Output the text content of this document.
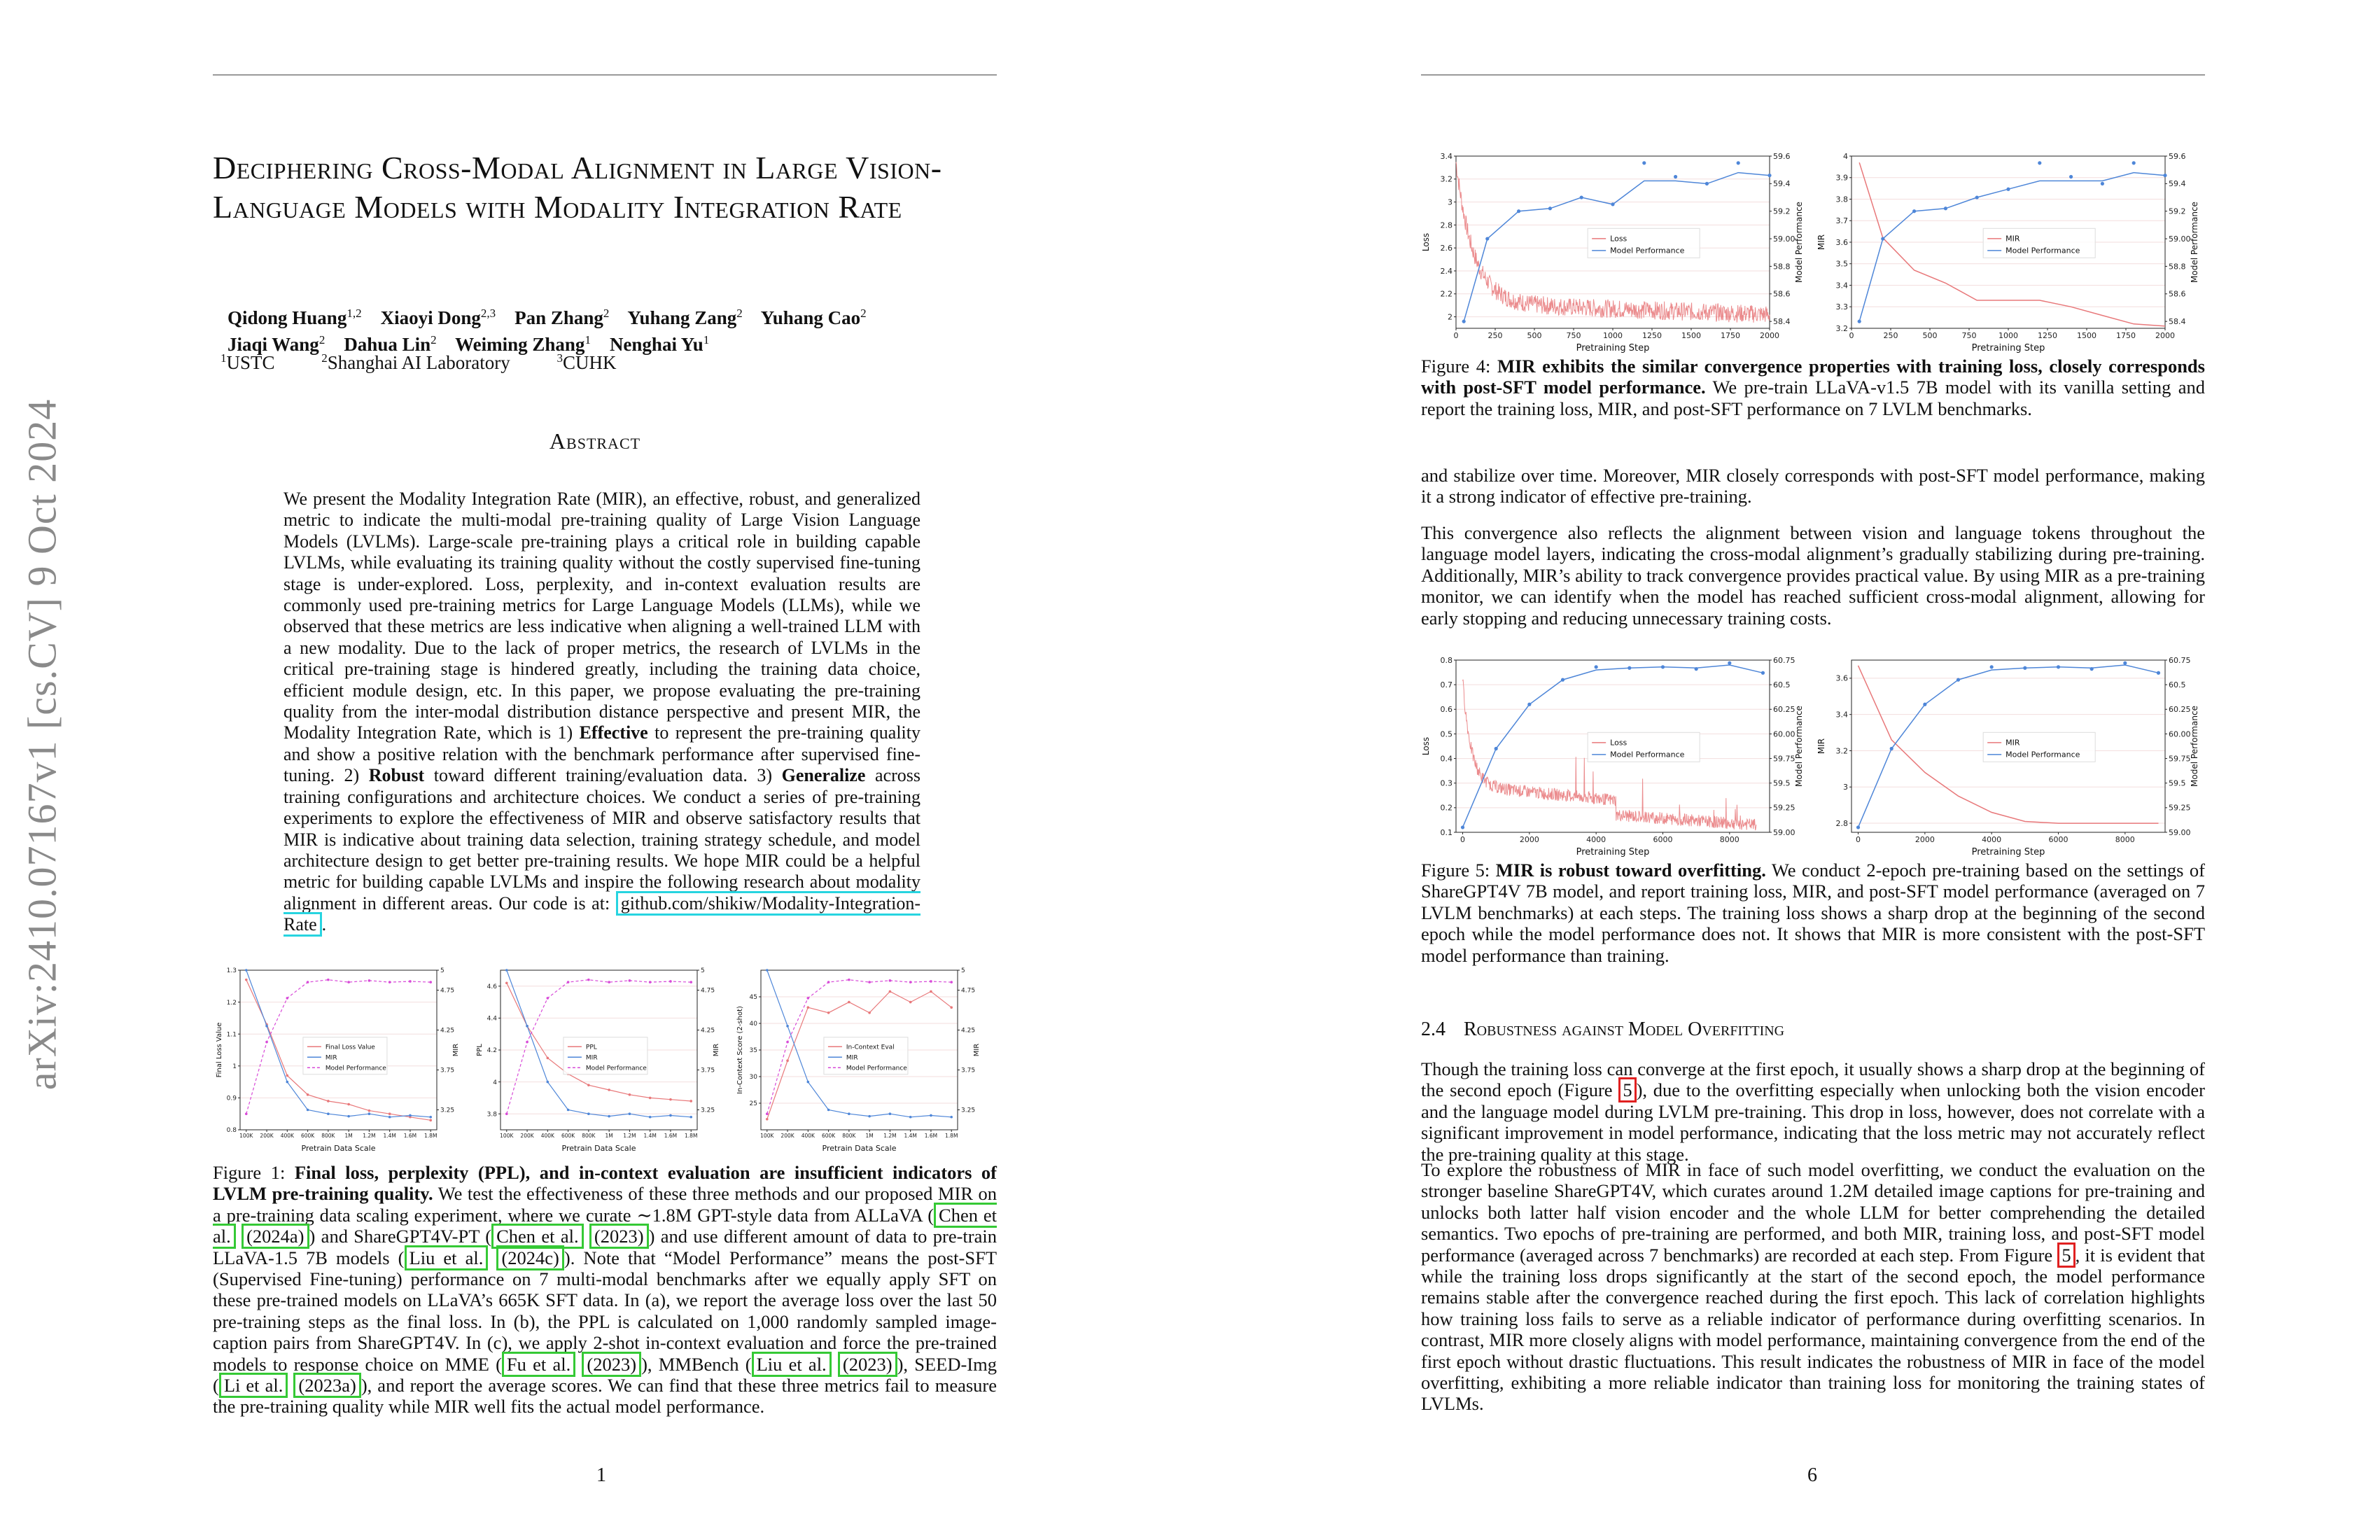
arXiv:2410.07167v1 [cs.CV] 9 Oct 2024
Deciphering Cross-Modal Alignment in Large Vision-Language Models with Modality Integration Rate
Qidong Huang$^{1,2}$ Xiaoyi Dong$^{2,3}$ Pan Zhang$^2$ Yuhang Zang$^2$ Yuhang Cao$^2$
Jiaqi Wang$^2$ Dahua Lin$^2$ Weiming Zhang$^1$ Nenghai Yu$^1$
$^1$USTC	$^2$Shanghai AI Laboratory	$^3$CUHK
Abstract
We present the Modality Integration Rate (MIR), an effective, robust, and generalized metric to indicate the multi-modal pre-training quality of Large Vision Language Models (LVLMs). Large-scale pre-training plays a critical role in building capable LVLMs, while evaluating its training quality without the costly supervised fine-tuning stage is under-explored. Loss, perplexity, and in-context evaluation results are commonly used pre-training metrics for Large Language Models (LLMs), while we observed that these metrics are less indicative when aligning a well-trained LLM with a new modality. Due to the lack of proper metrics, the research of LVLMs in the critical pre-training stage is hindered greatly, including the training data choice, efficient module design, etc. In this paper, we propose evaluating the pre-training quality from the inter-modal distribution distance perspective and present MIR, the Modality Integration Rate, which is 1) Effective to represent the pre-training quality and show a positive relation with the benchmark performance after supervised fine-tuning. 2) Robust toward different training/evaluation data. 3) Generalize across training configurations and architecture choices. We conduct a series of pre-training experiments to explore the effectiveness of MIR and observe satisfactory results that MIR is indicative about training data selection, training strategy schedule, and model architecture design to get better pre-training results. We hope MIR could be a helpful metric for building capable LVLMs and inspire the following research about modality alignment in different areas. Our code is at: github.com/shikiw/Modality-Integration-Rate .
0.8
0.9
1
1.1
1.2
1.3
3.25
3.75
4.25
4.75
5
100K 200K 400K 600K 800K 1M 1.2M 1.4M 1.6M 1.8M
Pretrain Data Scale
Final Loss Value	MIR
Final Loss Value
MIR
Model Performance
3.8
4
4.2
4.4
4.6
3.25
3.75
4.25
4.75
5
100K 200K 400K 600K 800K 1M 1.2M 1.4M 1.6M 1.8M
Pretrain Data Scale
PPL	MIR
PPL
MIR
Model Performance
25
30
35
40
45
3.25
3.75
4.25
4.75
5
100K 200K 400K 600K 800K 1M 1.2M 1.4M 1.6M 1.8M
Pretrain Data Scale
In-Context Score (2-shot)	MIR
In-Context Eval
MIR
Model Performance
Figure 1: Final loss, perplexity (PPL), and in-context evaluation are insufficient indicators of LVLM pre-training quality. We test the effectiveness of these three methods and our proposed MIR on a pre-training data scaling experiment, where we curate ∼1.8M GPT-style data from ALLaVA ( Chen et al. (2024a) ) and ShareGPT4V-PT ( Chen et al. (2023) ) and use different amount of data to pre-train LLaVA-1.5 7B models ( Liu et al. (2024c) ). Note that “Model Performance” means the post-SFT (Supervised Fine-tuning) performance on 7 multi-modal benchmarks after we equally apply SFT on these pre-trained models on LLaVA’s 665K SFT data. In (a), we report the average loss over the last 50 pre-training steps as the final loss. In (b), the PPL is calculated on 1,000 randomly sampled image-caption pairs from ShareGPT4V. In (c), we apply 2-shot in-context evaluation and force the pre-trained models to response choice on MME ( Fu et al. (2023) ), MMBench ( Liu et al. (2023) ), SEED-Img ( Li et al. (2023a) ), and report the average scores. We can find that these three metrics fail to measure the pre-training quality while MIR well fits the actual model performance.
1
2
2.2
2.4
2.6
2.8
3
3.2
3.4
58.4
58.6
58.8
59.00
59.2
59.4
59.6
0	250	500	750	1000	1250	1500	1750	2000
Pretraining Step
Loss	Model Performance
Loss
Model Performance
3.2
3.3
3.4
3.5
3.6
3.7
3.8
3.9
4
58.4
58.6
58.8
59.00
59.2
59.4
59.6
0	250	500	750	1000	1250	1500	1750	2000
Pretraining Step
MIR	Model Performance
MIR
Model Performance
Figure 4: MIR exhibits the similar convergence properties with training loss, closely corresponds with post-SFT model performance. We pre-train LLaVA-v1.5 7B model with its vanilla setting and report the training loss, MIR, and post-SFT performance on 7 LVLM benchmarks.
and stabilize over time. Moreover, MIR closely corresponds with post-SFT model performance, making it a strong indicator of effective pre-training.
This convergence also reflects the alignment between vision and language tokens throughout the language model layers, indicating the cross-modal alignment’s gradually stabilizing during pre-training. Additionally, MIR’s ability to track convergence provides practical value. By using MIR as a pre-training monitor, we can identify when the model has reached sufficient cross-modal alignment, allowing for early stopping and reducing unnecessary training costs.
0.1
0.2
0.3
0.4
0.5
0.6
0.7
0.8
59.00
59.25
59.5
59.75
60.00
60.25
60.5
60.75
0	2000	4000	6000	8000
Pretraining Step
Loss	Model Performance
Loss
Model Performance
2.8
3
3.2
3.4
3.6
59.00
59.25
59.5
59.75
60.00
60.25
60.5
60.75
0	2000	4000	6000	8000
Pretraining Step
MIR	Model Performance
MIR
Model Performance
Figure 5: MIR is robust toward overfitting. We conduct 2-epoch pre-training based on the settings of ShareGPT4V 7B model, and report training loss, MIR, and post-SFT model performance (averaged on 7 LVLM benchmarks) at each steps. The training loss shows a sharp drop at the beginning of the second epoch while the model performance does not. It shows that MIR is more consistent with the post-SFT model performance than training.
2.4 Robustness against Model Overfitting
Though the training loss can converge at the first epoch, it usually shows a sharp drop at the beginning of the second epoch (Figure 5 ), due to the overfitting especially when unlocking both the vision encoder and the language model during LVLM pre-training. This drop in loss, however, does not correlate with a significant improvement in model performance, indicating that the loss metric may not accurately reflect the pre-training quality at this stage.
To explore the robustness of MIR in face of such model overfitting, we conduct the evaluation on the stronger baseline ShareGPT4V, which curates around 1.2M detailed image captions for pre-training and unlocks both latter half vision encoder and the whole LLM for better comprehending the detailed semantics. Two epochs of pre-training are performed, and both MIR, training loss, and post-SFT model performance (averaged across 7 benchmarks) are recorded at each step. From Figure 5 , it is evident that while the training loss drops significantly at the start of the second epoch, the model performance remains stable after the convergence reached during the first epoch. This lack of correlation highlights how training loss fails to serve as a reliable indicator of performance during overfitting scenarios. In contrast, MIR more closely aligns with model performance, maintaining convergence from the end of the first epoch without drastic fluctuations. This result indicates the robustness of MIR in face of the model overfitting, exhibiting a more reliable indicator than training loss for monitoring the training states of LVLMs.
6
